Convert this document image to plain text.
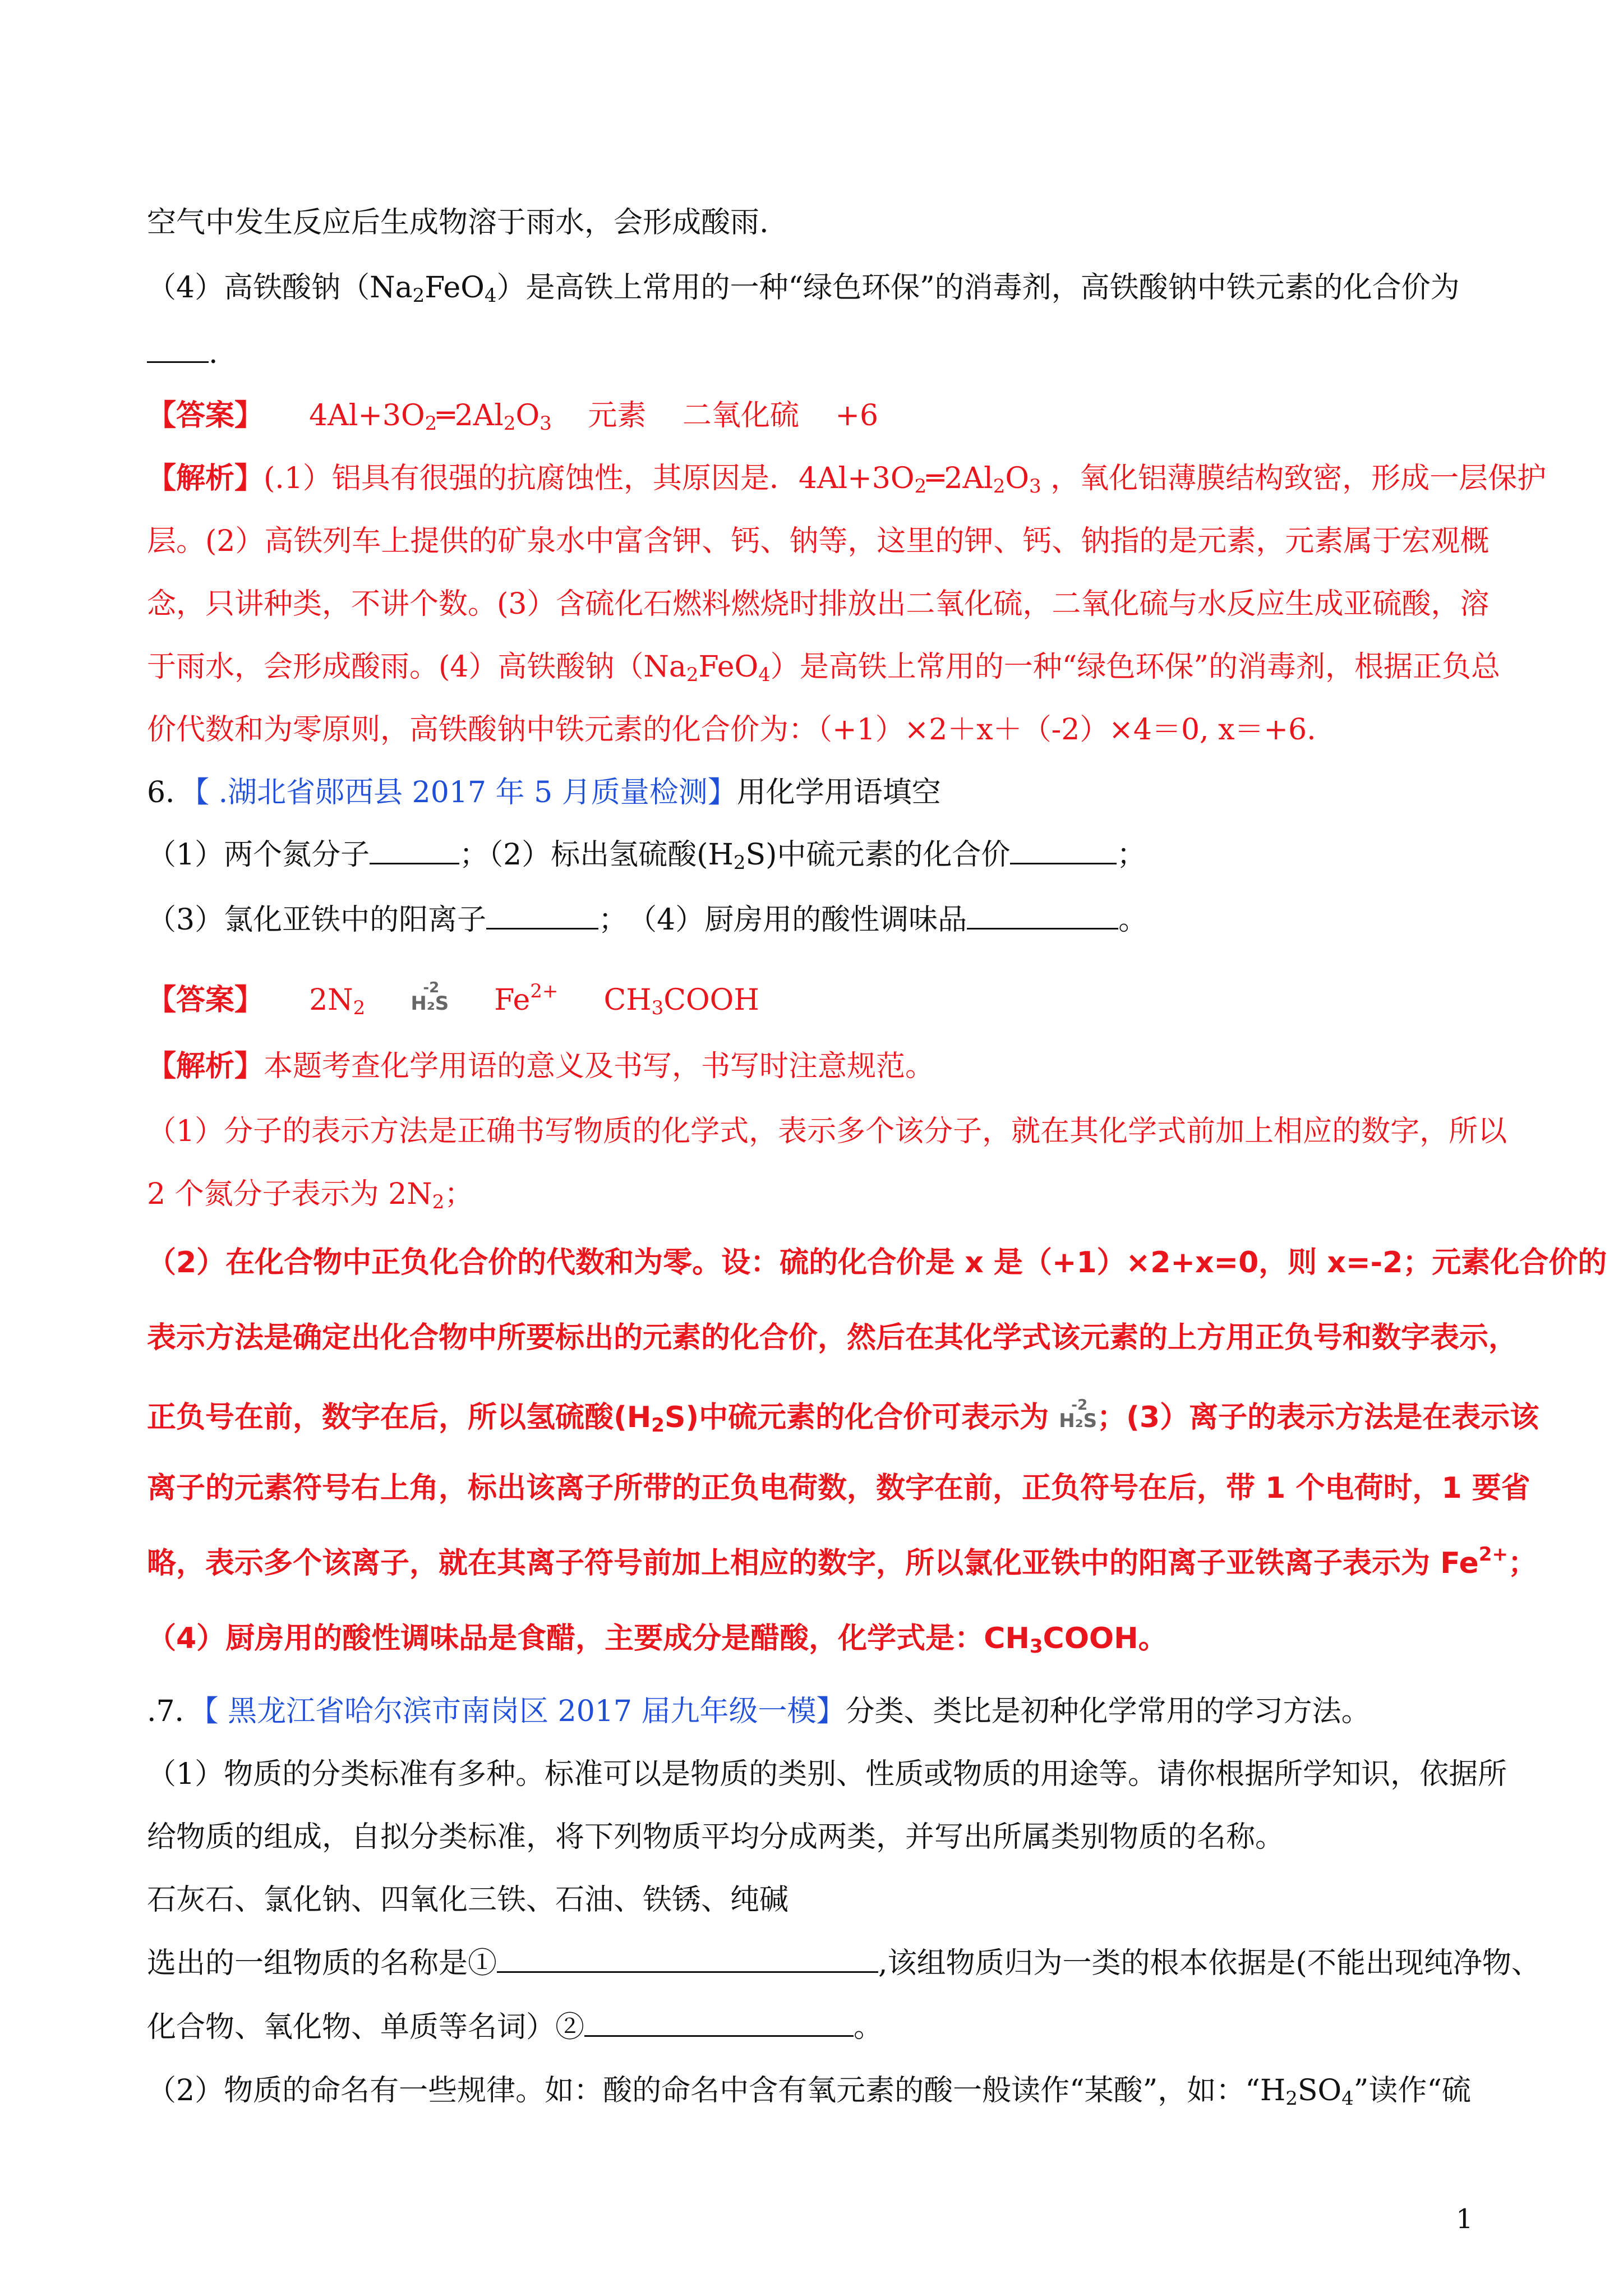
空气中发生反应后生成物溶于雨水，会形成酸雨.
（4）高铁酸钠$(Na_2FeO_4)$是高铁上常用的一种“绿色环保”的消毒剂，高铁酸钠中铁元素的化合价为
.
【答案】 $4Al+3O_2═2Al_2O_3$ 元素 二氧化硫 +6
【解析】(.1）铝具有很强的抗腐蚀性，其原因是．$4Al+3O_2═2Al_2O_3$ ，氧化铝薄膜结构致密，形成一层保护
层。(2）高铁列车上提供的矿泉水中富含钾、钙、钠等，这里的钾、钙、钠指的是元素，元素属于宏观概
念，只讲种类，不讲个数。(3）含硫化石燃料燃烧时排放出二氧化硫，二氧化硫与水反应生成亚硫酸，溶
于雨水，会形成酸雨。(4）高铁酸钠$(Na_2FeO_4)$是高铁上常用的一种“绿色环保”的消毒剂，根据正负总
价代数和为零原则，高铁酸钠中铁元素的化合价为：（+1）×2＋x＋（-2）×4＝0, x＝+6.
6．【 .湖北省郧西县 2017 年 5 月质量检测】用化学用语填空
（1）两个氮分子	；（2）标出氢硫酸$(H_2S)$中硫元素的化合价	；
（3）氯化亚铁中的阳离子	；　（4）厨房用的酸性调味品	。
【答案】 $2N_2$
-2
H₂S $Fe^{2+}$ $CH_3COOH$
【解析】本题考查化学用语的意义及书写，书写时注意规范。
（1）分子的表示方法是正确书写物质的化学式，表示多个该分子，就在其化学式前加上相应的数字，所以
2 个氮分子表示为 $2N_2$；
（2）在化合物中正负化合价的代数和为零。设：硫的化合价是 x 是（+1）×2+x=0，则 x=-2；元素化合价的
表示方法是确定出化合物中所要标出的元素的化合价，然后在其化学式该元素的上方用正负号和数字表示，
正负号在前，数字在后，所以氢硫酸$(H_2S)$中硫元素的化合价可表示为 -2
H₂S；(3）离子的表示方法是在表示该
离子的元素符号右上角，标出该离子所带的正负电荷数，数字在前，正负符号在后，带 1 个电荷时，1 要省
略，表示多个该离子，就在其离子符号前加上相应的数字，所以氯化亚铁中的阳离子亚铁离子表示为 $Fe^{2+}$；
（4）厨房用的酸性调味品是食醋，主要成分是醋酸，化学式是：$CH_3COOH$。
.7．【 黑龙江省哈尔滨市南岗区 2017 届九年级一模】分类、类比是初种化学常用的学习方法。
（1）物质的分类标准有多种。标准可以是物质的类别、性质或物质的用途等。请你根据所学知识，依据所
给物质的组成，自拟分类标准，将下列物质平均分成两类，并写出所属类别物质的名称。
石灰石、氯化钠、四氧化三铁、石油、铁锈、纯碱
选出的一组物质的名称是①	,该组物质归为一类的根本依据是(不能出现纯净物、
化合物、氧化物、单质等名词）②	。
（2）物质的命名有一些规律。如：酸的命名中含有氧元素的酸一般读作“某酸”，如：“$H_2SO_4$”读作“硫
1
